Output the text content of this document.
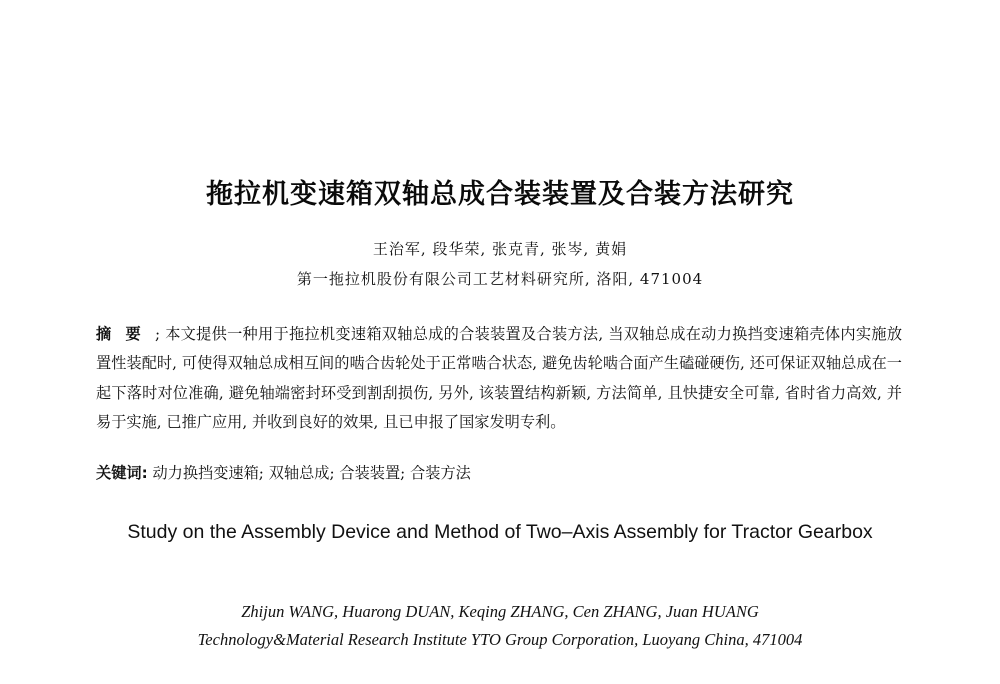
拖拉机变速箱双轴总成合装装置及合装方法研究
王治军, 段华荣, 张克青, 张岑, 黄娟
第一拖拉机股份有限公司工艺材料研究所, 洛阳, 471004
摘要; 本文提供一种用于拖拉机变速箱双轴总成的合装装置及合装方法, 当双轴总成在动力换挡变速箱壳体内实施放置性装配时, 可使得双轴总成相互间的啮合齿轮处于正常啮合状态, 避免齿轮啮合面产生磕碰硬伤, 还可保证双轴总成在一起下落时对位准确, 避免轴端密封环受到割刮损伤, 另外, 该装置结构新颖, 方法简单, 且快捷安全可靠, 省时省力高效, 并易于实施, 已推广应用, 并收到良好的效果, 且已申报了国家发明专利。
关键词: 动力换挡变速箱; 双轴总成; 合装装置; 合装方法
Study on the Assembly Device and Method of Two–Axis Assembly for Tractor Gearbox
Zhijun WANG, Huarong DUAN, Keqing ZHANG, Cen ZHANG, Juan HUANG
Technology&Material Research Institute YTO Group Corporation, Luoyang China, 471004
